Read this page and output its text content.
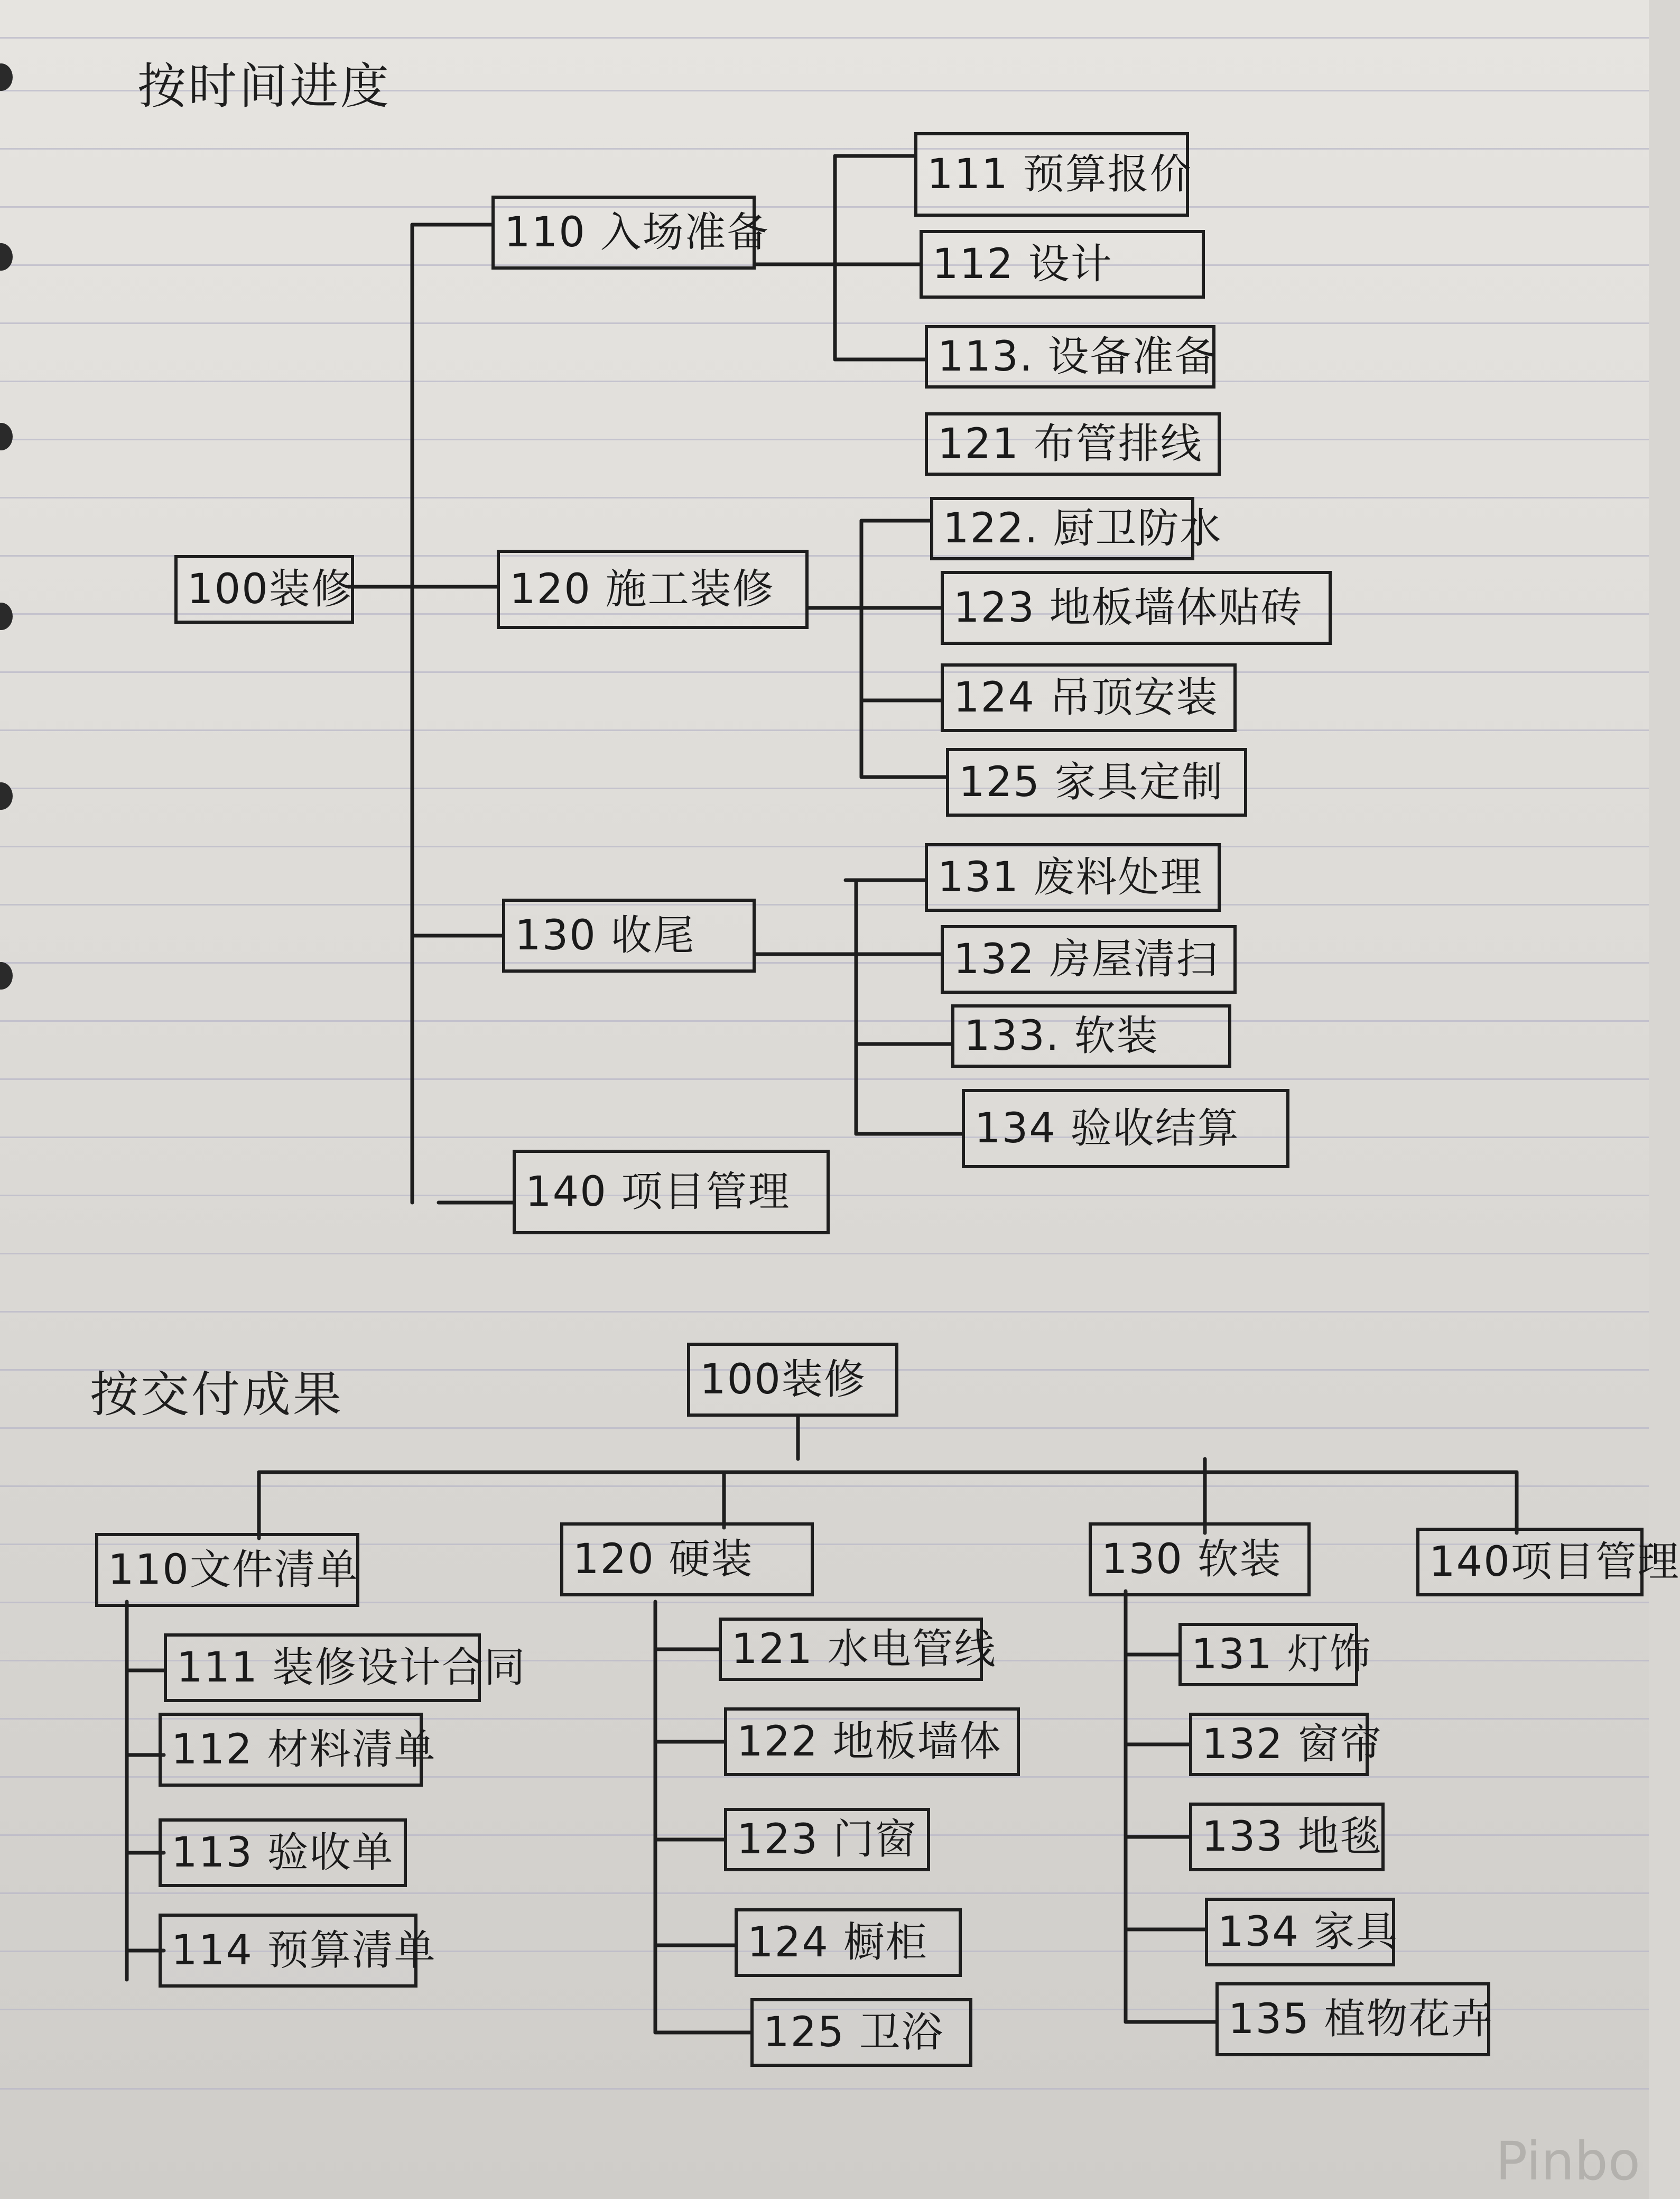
按时间进度
100装修
110 入场准备
120 施工装修
130 收尾
140 项目管理
111 预算报价
112 设计
113. 设备准备
121 布管排线
122. 厨卫防水
123 地板墙体贴砖
124 吊顶安装
125 家具定制
131 废料处理
132 房屋清扫
133. 软装
134 验收结算
按交付成果	100装修
110文件清单	120 硬装	130 软装	140项目管理
111 装修设计合同
112 材料清单
113 验收单
114 预算清单
121 水电管线
122 地板墙体
123 门窗
124 橱柜
125 卫浴
131 灯饰
132 窗帘
133 地毯
134 家具
135 植物花卉
Pinbo
